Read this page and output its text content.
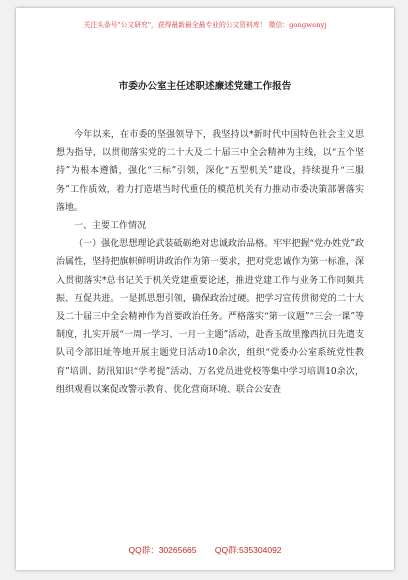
关注头条号"公文研究"，获得最新最全最专业的公文资料库！ 微信：gongwenyj
市委办公室主任述职述廉述党建工作报告

今年以来，在市委的坚强领导下，我坚持以*新时代中国特色社会主义思想为指导，以贯彻落实党的二十大及二十届三中全会精神为主线，以“五个坚持”为根本遵循，强化“三标”引领，深化“五型机关”建设，持续提升“三服务”工作质效，着力打造堪当时代重任的模范机关有力推动市委决策部署落实落地。

一、主要工作情况

（一）强化思想理论武装砥砺绝对忠诚政治品格。牢牢把握“党办姓党”政治属性，坚持把旗帜鲜明讲政治作为第一要求，把对党忠诚作为第一标准，深入贯彻落实*总书记关于机关党建重要论述，推进党建工作与业务工作同频共振、互促共进。一是抓思想引领，确保政治过硬。把学习宣传贯彻党的二十大及二十届三中全会精神作为首要政治任务。严格落实“第一议题”“三会一课”等制度，扎实开展“一周一学习、一月一主题”活动，赴香玉故里豫西抗日先遣支队司令部旧址等地开展主题党日活动10余次，组织“党委办公室系统党性教育”培训、防汛知识“学考提”活动、万名党员进党校等集中学习培训10余次，组织观看以案促改警示教育、优化营商环境、联合公安查

QQ群：30265665 QQ群:535304092
